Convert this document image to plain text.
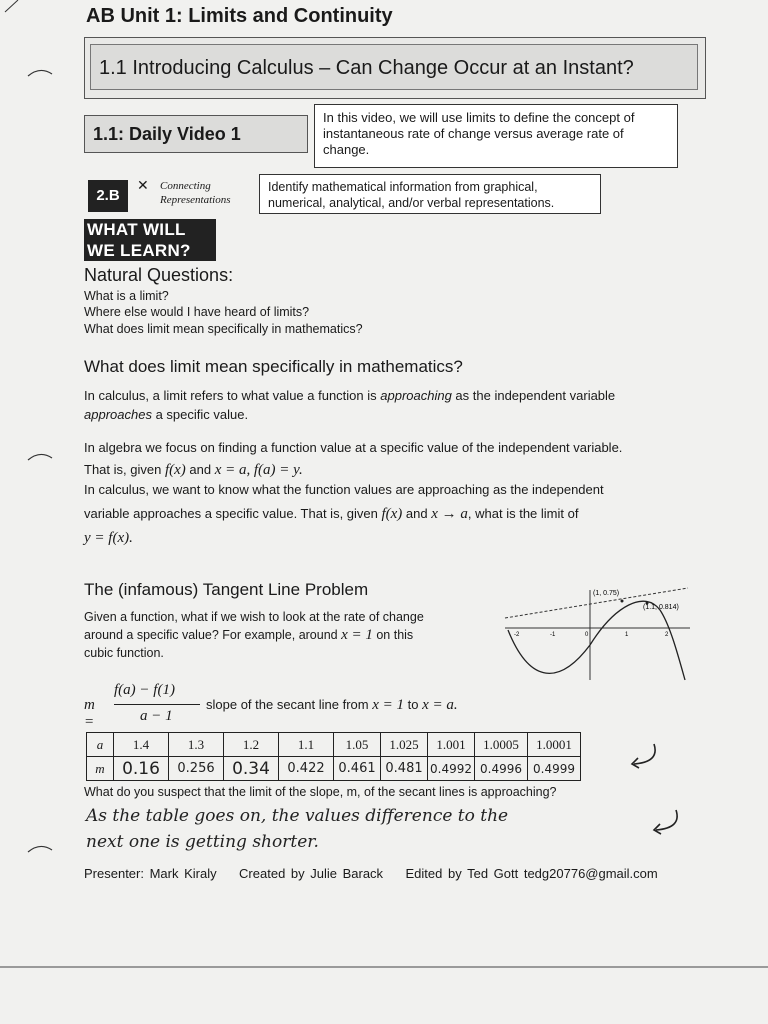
AB Unit 1: Limits and Continuity
1.1 Introducing Calculus – Can Change Occur at an Instant?
1.1: Daily Video 1
In this video, we will use limits to define the concept of instantaneous rate of change versus average rate of change.
2.B
✕ Connecting
Representations
Identify mathematical information from graphical, numerical, analytical, and/or verbal representations.
WHAT WILL
WE LEARN?
Natural Questions:
What is a limit?
Where else would I have heard of limits?
What does limit mean specifically in mathematics?
What does limit mean specifically in mathematics?
In calculus, a limit refers to what value a function is approaching as the independent variable
approaches a specific value.
In algebra we focus on finding a function value at a specific value of the independent variable.
That is, given f(x) and x = a, f(a) = y.
In calculus, we want to know what the function values are approaching as the independent
variable approaches a specific value. That is, given f(x) and x → a, what is the limit of
y = f(x).
The (infamous) Tangent Line Problem
Given a function, what if we wish to look at the rate of change
around a specific value? For example, around x = 1 on this
cubic function.
(1, 0.75)
(1.1, 0.814)
-2	-1	0	1	2
m =
f(a) − f(1)
a − 1
slope of the secant line from x = 1 to x = a.
a	1.4	1.3	1.2	1.1	1.05	1.025	1.001	1.0005	1.0001
m	0.16	0.256	0.34	0.422	0.461	0.481	0.4992	0.4996	0.4999
What do you suspect that the limit of the slope, m, of the secant lines is approaching?
As the table goes on, the values difference to the
next one is getting shorter.
Presenter: Mark Kiraly Created by Julie Barack Edited by Ted Gott tedg20776@gmail.com
